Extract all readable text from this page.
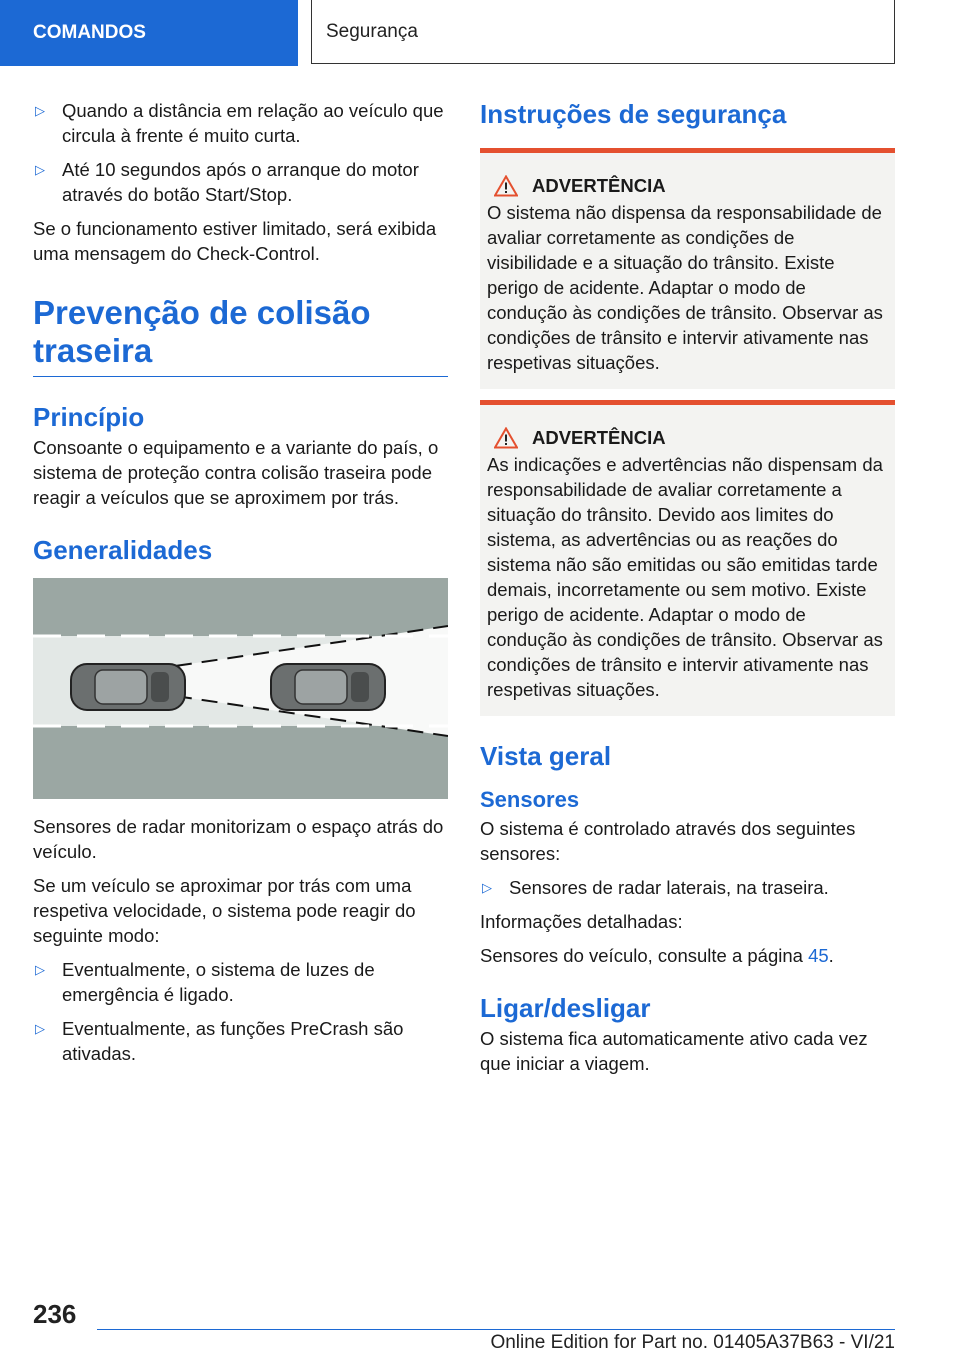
COMANDOS	Segurança
▷ Quando a distância em relação ao veículo que circula à frente é muito curta.
▷ Até 10 segundos após o arranque do motor através do botão Start/Stop.

Se o funcionamento estiver limitado, será exibida uma mensagem do Check-Control.

Prevenção de colisão traseira
Princípio

Consoante o equipamento e a variante do país, o sistema de proteção contra colisão traseira pode reagir a veículos que se aproximem por trás.

Generalidades

Sensores de radar monitorizam o espaço atrás do veículo.

Se um veículo se aproximar por trás com uma respetiva velocidade, o sistema pode reagir do seguinte modo:

▷ Eventualmente, o sistema de luzes de emergência é ligado.
▷ Eventualmente, as funções PreCrash são ativadas.
Instruções de segurança
ADVERTÊNCIA

O sistema não dispensa da responsabilidade de avaliar corretamente as condições de visibilidade e a situação do trânsito. Existe perigo de acidente. Adaptar o modo de condução às condições de trânsito. Observar as condições de trânsito e intervir ativamente nas respetivas situações.

ADVERTÊNCIA

As indicações e advertências não dispensam da responsabilidade de avaliar corretamente a situação do trânsito. Devido aos limites do sistema, as advertências ou as reações do sistema não são emitidas ou são emitidas tarde demais, incorretamente ou sem motivo. Existe perigo de acidente. Adaptar o modo de condução às condições de trânsito. Observar as condições de trânsito e intervir ativamente nas respetivas situações.

Vista geral
Sensores

O sistema é controlado através dos seguintes sensores:

▷ Sensores de radar laterais, na traseira.

Informações detalhadas:

Sensores do veículo, consulte a página 45.

Ligar/desligar

O sistema fica automaticamente ativo cada vez que iniciar a viagem.

236
Online Edition for Part no. 01405A37B63 - VI/21
